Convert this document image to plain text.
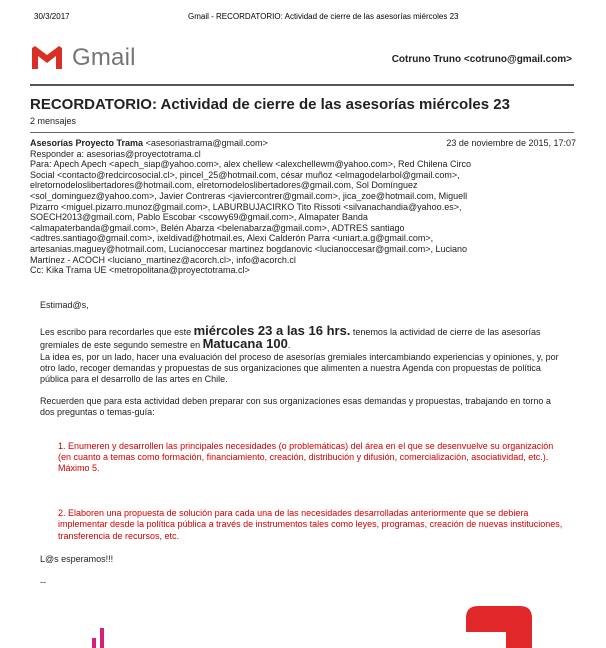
30/3/2017	Gmail - RECORDATORIO: Actividad de cierre de las asesorías miércoles 23
Gmail	Cotruno Truno <cotruno@gmail.com>
RECORDATORIO: Actividad de cierre de las asesorías miércoles 23
2 mensajes
Asesorías Proyecto Trama <asesoriastrama@gmail.com>	23 de noviembre de 2015, 17:07
Responder a: asesorias@proyectotrama.cl
Para: Apech Apech <apech_siap@yahoo.com>, alex chellew <alexchellewm@yahoo.com>, Red Chilena Circo
Social <contacto@redcircosocial.cl>, pincel_25@hotmail.com, césar muñoz <elmagodelarbol@gmail.com>,
elretornodeloslibertadores@hotmail.com, elretornodeloslibertadores@gmail.com, Sol Domínguez
<sol_dominguez@yahoo.com>, Javier Contreras <javiercontrer@gmail.com>, jica_zoe@hotmail.com, Miguell
Pizarro <miguel.pizarro.munoz@gmail.com>, LABURBUJACIRKO Tito Rissoti <silvanachandia@yahoo.es>,
SOECH2013@gmail.com, Pablo Escobar <scowy69@gmail.com>, Almapater Banda
<almapaterbanda@gmail.com>, Belén Abarza <belenabarza@gmail.com>, ADTRES santiago
<adtres.santiago@gmail.com>, ixeldivad@hotmail.es, Alexi Calderón Parra <uniart.a.g@gmail.com>,
artesanias.maguey@hotmail.com, Lucianoccesar martinez bogdanovic <lucianoccesar@gmail.com>, Luciano
Martínez - ACOCH <luciano_martinez@acorch.cl>, info@acorch.cl
Cc: Kika Trama UE <metropolitana@proyectotrama.cl>

Estimad@s,

Les escribo para recordarles que este miércoles 23 a las 16 hrs. tenemos la actividad de cierre de las asesorías gremiales de este segundo semestre en Matucana 100.

La idea es, por un lado, hacer una evaluación del proceso de asesorías gremiales intercambiando experiencias y opiniones, y, por otro lado, recoger demandas y propuestas de sus organizaciones que alimenten a nuestra Agenda con propuestas de política pública para el desarrollo de las artes en Chile.

Recuerden que para esta actividad deben preparar con sus organizaciones esas demandas y propuestas, trabajando en torno a dos preguntas o temas-guía:

1. Enumeren y desarrollen las principales necesidades (o problemáticas) del área en el que se desenvuelve su organización (en cuanto a temas como formación, financiamiento, creación, distribución y difusión, comercialización, asociatividad, etc.). Máximo 5.

2. Elaboren una propuesta de solución para cada una de las necesidades desarrolladas anteriormente que se debiera implementar desde la política pública a través de instrumentos tales como leyes, programas, creación de nuevas instituciones, transferencia de recursos, etc.

L@s esperamos!!!

--
